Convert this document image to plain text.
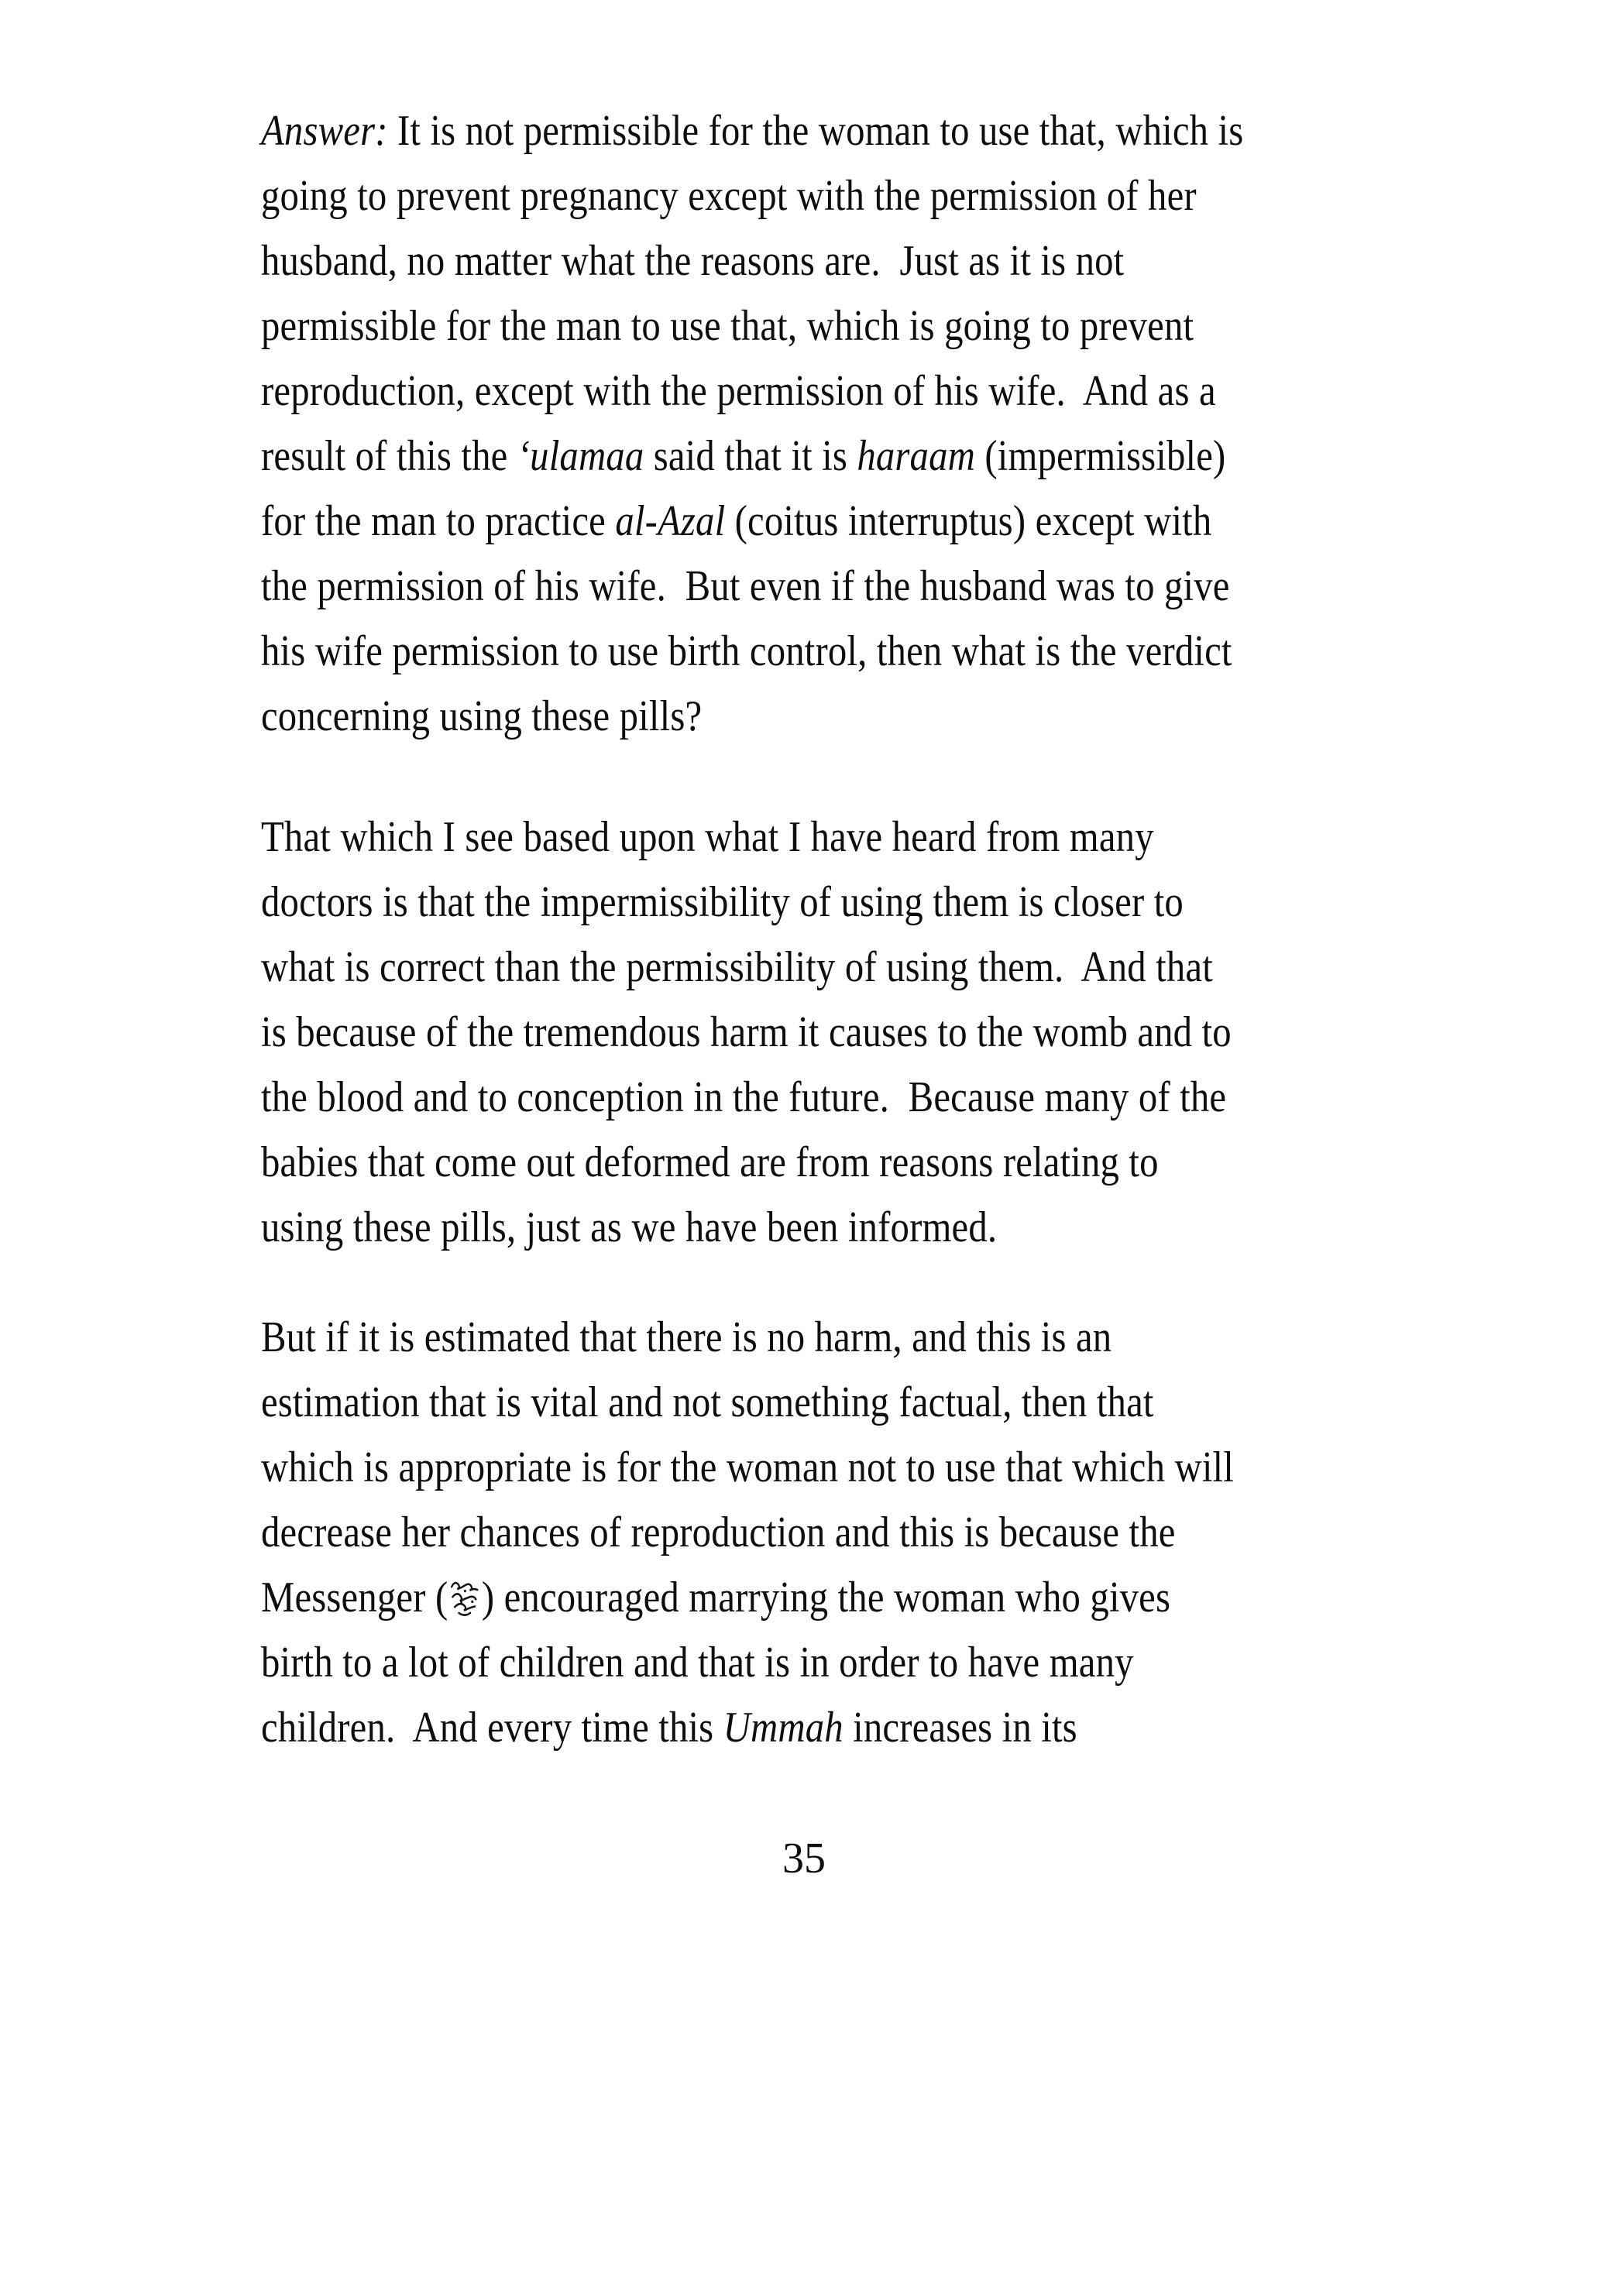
Answer: It is not permissible for the woman to use that, which is
going to prevent pregnancy except with the permission of her
husband, no matter what the reasons are.  Just as it is not
permissible for the man to use that, which is going to prevent
reproduction, except with the permission of his wife.  And as a
result of this the ‘ulamaa said that it is haraam (impermissible)
for the man to practice al-Azal (coitus interruptus) except with
the permission of his wife.  But even if the husband was to give
his wife permission to use birth control, then what is the verdict
concerning using these pills?
That which I see based upon what I have heard from many
doctors is that the impermissibility of using them is closer to
what is correct than the permissibility of using them.  And that
is because of the tremendous harm it causes to the womb and to
the blood and to conception in the future.  Because many of the
babies that come out deformed are from reasons relating to
using these pills, just as we have been informed.
But if it is estimated that there is no harm, and this is an
estimation that is vital and not something factual, then that
which is appropriate is for the woman not to use that which will
decrease her chances of reproduction and this is because the
Messenger ( ) encouraged marrying the woman who gives
birth to a lot of children and that is in order to have many
children.  And every time this Ummah increases in its
35
